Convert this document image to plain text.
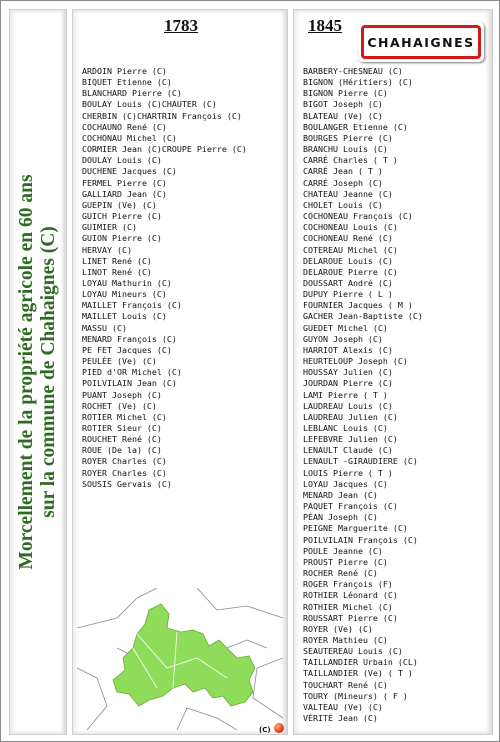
Morcellement de la propriété agricole en 60 ans sur la commune de Chahaignes (C)
1783
ARDOIN Pierre (C)
BIQUET Etienne (C)
BLANCHARD Pierre (C)
BOULAY Louis (C)CHAUTER (C)
CHERBIN (C)CHARTRIN François (C)
COCHAUNO René (C)
COCHONAU Michel (C)
CORMIER Jean (C)CROUPE Pierre (C)
DOULAY Louis (C)
DUCHENE Jacques (C)
FERMEL Pierre (C)
GALLIARD Jean (C)
GUEPIN (Ve) (C)
GUICH Pierre (C)
GUIMIER (C)
GUION Pierre (C)
HERVAY (C)
LINET René (C)
LINOT René (C)
LOYAU Mathurin (C)
LOYAU Mineurs (C)
MAILLET François (C)
MAILLET Louis (C)
MASSU (C)
MENARD François (C)
PE FET Jacques (C)
PEULÉE (Ve) (C)
PIED d'OR Michel (C)
POILVILAIN Jean (C)
PUANT Joseph (C)
ROCHET (Ve) (C)
ROTIER Michel (C)
ROTIER Sieur (C)
ROUCHET René (C)
ROUE (De la) (C)
ROYER Charles (C)
ROYER Charles (C)
SOUSIS Gervais (C)
(C)
1845
CHAHAIGNES
BARBERY-CHESNEAU (C)
BIGNON (Héritiers) (C)
BIGNON Pierre (C)
BIGOT Joseph (C)
BLATEAU (Ve) (C)
BOULANGER Etienne (C)
BOURGES Pierre (C)
BRANCHU Louis (C)
CARRÉ Charles ( T )
CARRÉ Jean ( T )
CARRÉ Joseph (C)
CHATEAU Jeanne (C)
CHOLET Louis (C)
COCHONEAU François (C)
COCHONEAU Louis (C)
COCHONEAU René (C)
COTEREAU Michel (C)
DELAROUE Louis (C)
DELAROUE Pierre (C)
DOUSSART André (C)
DUPUY Pierre ( L )
FOURNIER Jacques ( M )
GACHER Jean-Baptiste (C)
GUEDET Michel (C)
GUYON Joseph (C)
HARRIOT Alexis (C)
HEURTELOUP Joseph (C)
HOUSSAY Julien (C)
JOURDAN Pierre (C)
LAMI Pierre ( T )
LAUDREAU Louis (C)
LAUDREAU Julien (C)
LEBLANC Louis (C)
LEFEBVRE Julien (C)
LENAULT Claude (C)
LENAULT -GIRAUDIERE (C)
LOUIS Pierre ( T )
LOYAU Jacques (C)
MENARD Jean (C)
PAQUET François (C)
PÉAN Joseph (C)
PEIGNE Marguerite (C)
POILVILAIN François (C)
POULE Jeanne (C)
PROUST Pierre (C)
ROCHER René (C)
ROGER François (F)
ROTHIER Léonard (C)
ROTHIER Michel (C)
ROUSSART Pierre (C)
ROYER (Ve) (C)
ROYER Mathieu (C)
SEAUTEREAU Louis (C)
TAILLANDIER Urbain (CL)
TAILLANDIER (Ve) ( T )
TOUCHART René (C)
TOURY (Mineurs) ( F )
VALTEAU (Ve) (C)
VÉRITÉ Jean (C)
